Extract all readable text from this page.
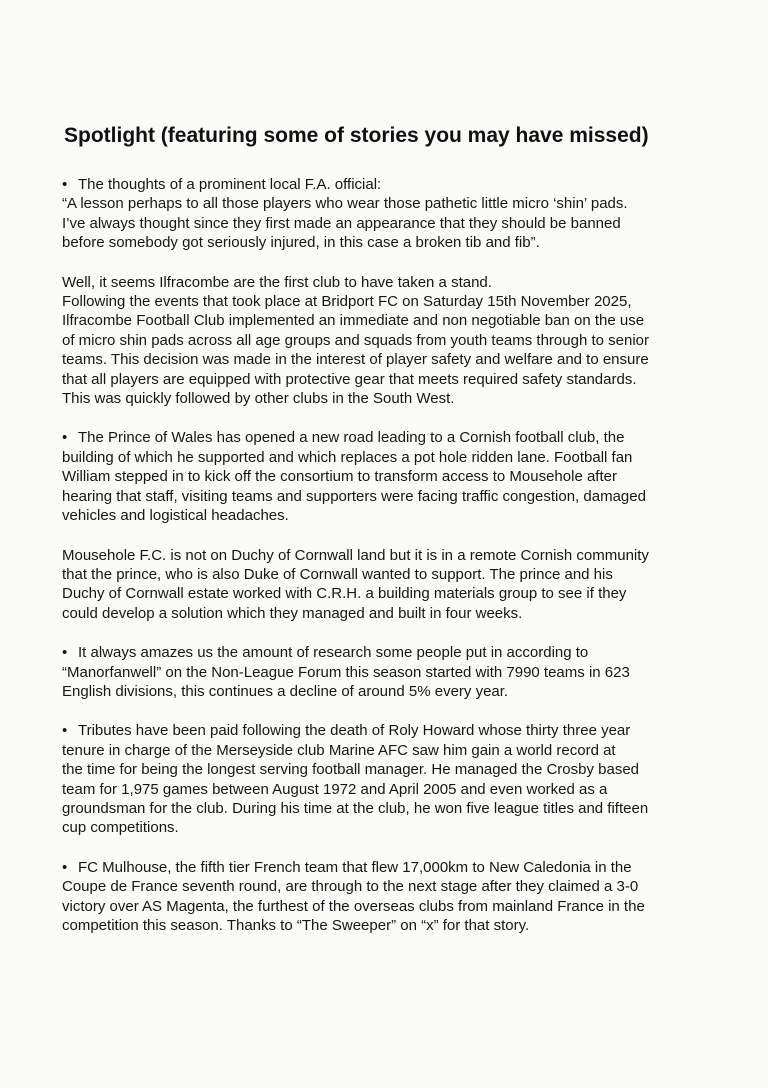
Spotlight (featuring some of stories you may have missed)
• The thoughts of a prominent local F.A. official:
“A lesson perhaps to all those players who wear those pathetic little micro ‘shin’ pads.
I’ve always thought since they first made an appearance that they should be banned
before somebody got seriously injured, in this case a broken tib and fib”.
Well, it seems Ilfracombe are the first club to have taken a stand.
Following the events that took place at Bridport FC on Saturday 15th November 2025,
Ilfracombe Football Club implemented an immediate and non negotiable ban on the use
of micro shin pads across all age groups and squads from youth teams through to senior
teams. This decision was made in the interest of player safety and welfare and to ensure
that all players are equipped with protective gear that meets required safety standards.
This was quickly followed by other clubs in the South West.
• The Prince of Wales has opened a new road leading to a Cornish football club, the
building of which he supported and which replaces a pot hole ridden lane. Football fan
William stepped in to kick off the consortium to transform access to Mousehole after
hearing that staff, visiting teams and supporters were facing traffic congestion, damaged
vehicles and logistical headaches.
Mousehole F.C. is not on Duchy of Cornwall land but it is in a remote Cornish community
that the prince, who is also Duke of Cornwall wanted to support. The prince and his
Duchy of Cornwall estate worked with C.R.H. a building materials group to see if they
could develop a solution which they managed and built in four weeks.
• It always amazes us the amount of research some people put in according to
“Manorfanwell” on the Non-League Forum this season started with 7990 teams in 623
English divisions, this continues a decline of around 5% every year.
• Tributes have been paid following the death of Roly Howard whose thirty three year
tenure in charge of the Merseyside club Marine AFC saw him gain a world record at
the time for being the longest serving football manager. He managed the Crosby based
team for 1,975 games between August 1972 and April 2005 and even worked as a
groundsman for the club. During his time at the club, he won five league titles and fifteen
cup competitions.
• FC Mulhouse, the fifth tier French team that flew 17,000km to New Caledonia in the
Coupe de France seventh round, are through to the next stage after they claimed a 3-0
victory over AS Magenta, the furthest of the overseas clubs from mainland France in the
competition this season. Thanks to “The Sweeper” on “x” for that story.
